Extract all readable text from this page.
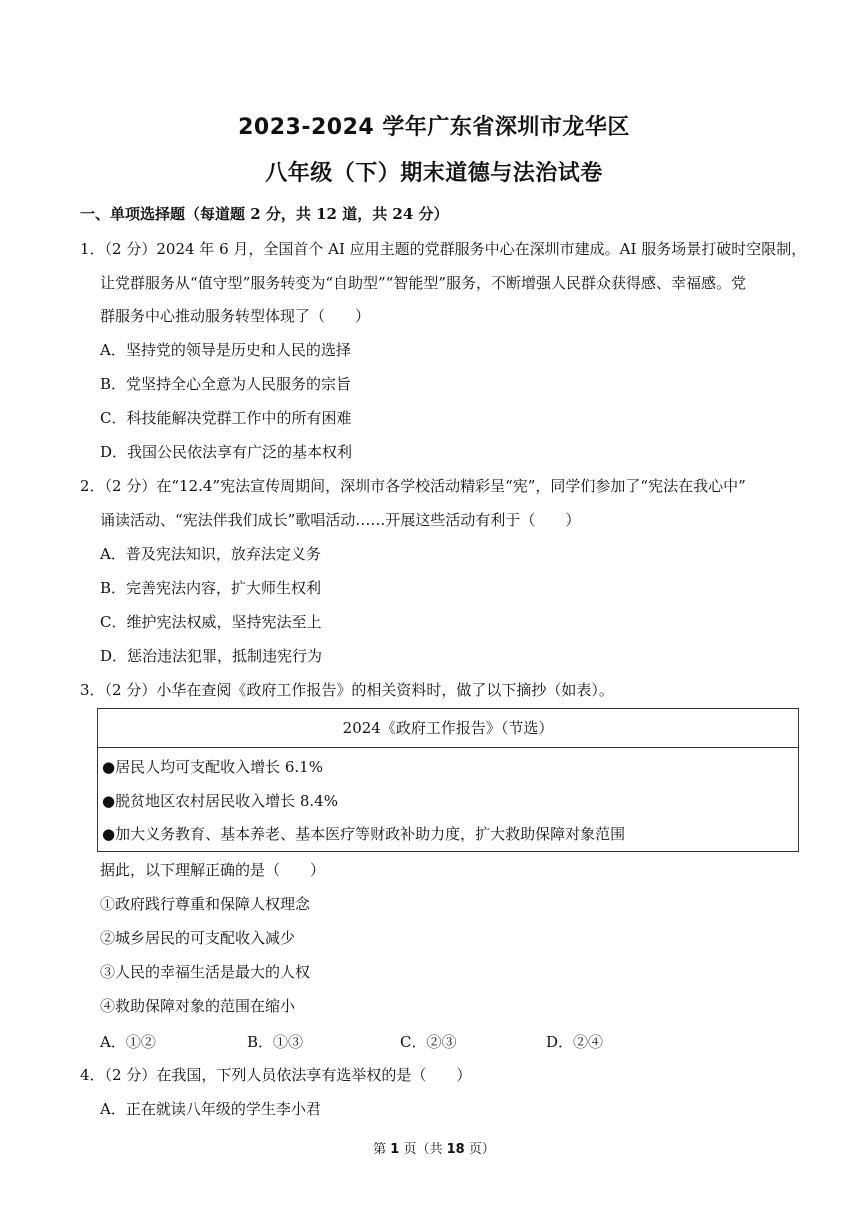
2023-2024 学年广东省深圳市龙华区
八年级（下）期末道德与法治试卷
一、单项选择题（每道题 2 分，共 12 道，共 24 分）
1．（2 分）2024 年 6 月，全国首个 AI 应用主题的党群服务中心在深圳市建成。AI 服务场景打破时空限制，
让党群服务从“值守型”服务转变为“自助型”“智能型”服务，不断增强人民群众获得感、幸福感。党
群服务中心推动服务转型体现了（　　）
A．坚持党的领导是历史和人民的选择
B．党坚持全心全意为人民服务的宗旨
C．科技能解决党群工作中的所有困难
D．我国公民依法享有广泛的基本权利
2．（2 分）在“12.4”宪法宣传周期间，深圳市各学校活动精彩呈“宪”，同学们参加了“宪法在我心中”
诵读活动、“宪法伴我们成长”歌唱活动……开展这些活动有利于（　　）
A．普及宪法知识，放弃法定义务
B．完善宪法内容，扩大师生权利
C．维护宪法权威，坚持宪法至上
D．惩治违法犯罪，抵制违宪行为
3．（2 分）小华在查阅《政府工作报告》的相关资料时，做了以下摘抄（如表）。
2024《政府工作报告》（节选）
●居民人均可支配收入增长 6.1%
●脱贫地区农村居民收入增长 8.4%
●加大义务教育、基本养老、基本医疗等财政补助力度，扩大救助保障对象范围
据此，以下理解正确的是（　　）
①政府践行尊重和保障人权理念
②城乡居民的可支配收入减少
③人民的幸福生活是最大的人权
④救助保障对象的范围在缩小
A．①②	B．①③	C．②③	D．②④
4．（2 分）在我国，下列人员依法享有选举权的是（　　）
A．正在就读八年级的学生李小君
第 1 页（共 18 页）
